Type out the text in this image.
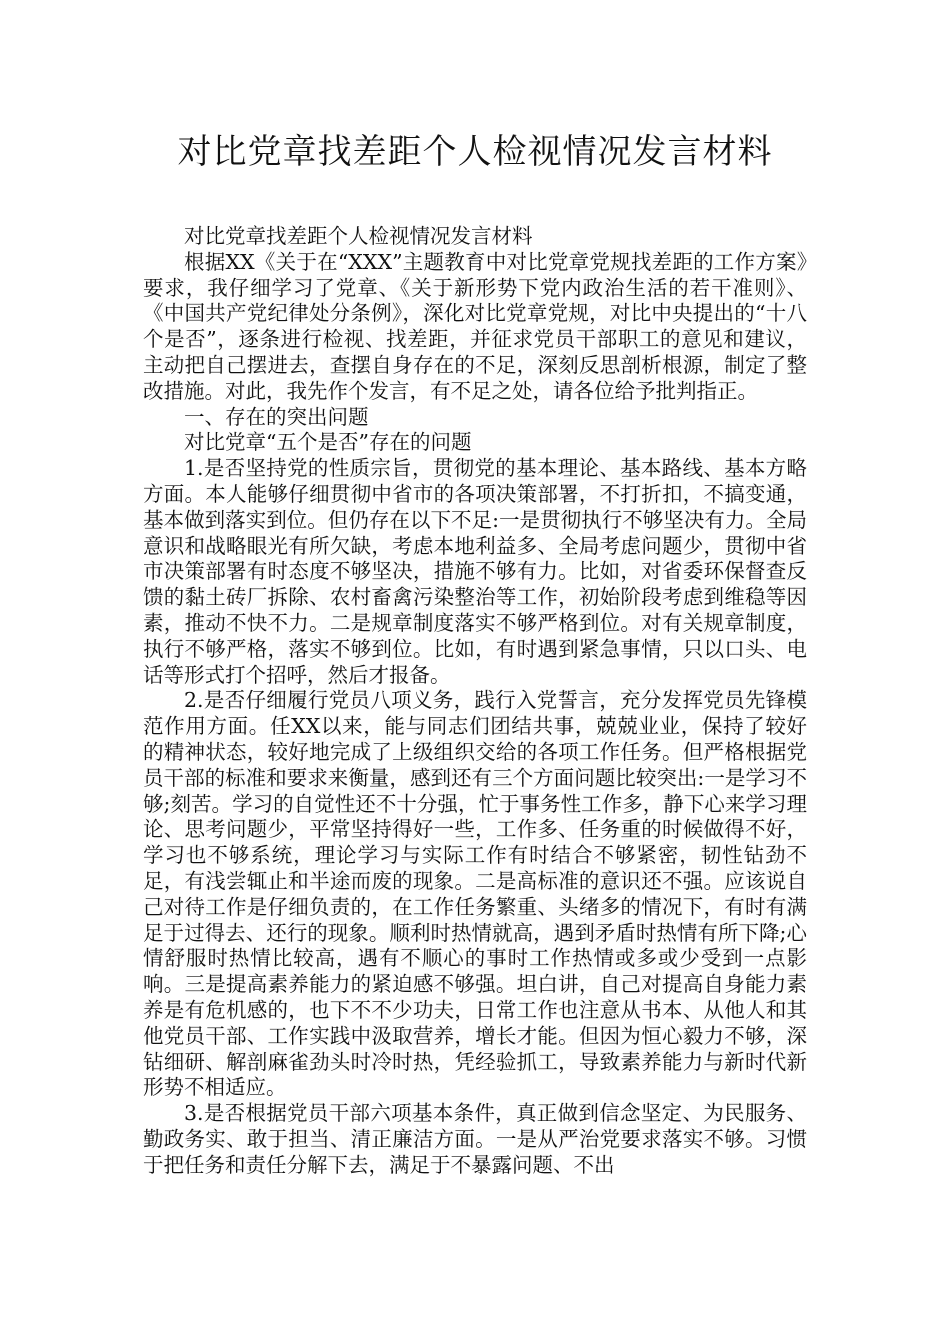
对比党章找差距个人检视情况发言材料

对比党章找差距个人检视情况发言材料

根据XX《关于在“XXX”主题教育中对比党章党规找差距的工作方案》要求，我仔细学习了党章、《关于新形势下党内政治生活的若干准则》、《中国共产党纪律处分条例》，深化对比党章党规，对比中央提出的“十八个是否”，逐条进行检视、找差距，并征求党员干部职工的意见和建议，主动把自己摆进去，查摆自身存在的不足，深刻反思剖析根源，制定了整改措施。对此，我先作个发言，有不足之处，请各位给予批判指正。

一、存在的突出问题

对比党章“五个是否”存在的问题

1.是否坚持党的性质宗旨，贯彻党的基本理论、基本路线、基本方略方面。本人能够仔细贯彻中省市的各项决策部署，不打折扣，不搞变通，基本做到落实到位。但仍存在以下不足:一是贯彻执行不够坚决有力。全局意识和战略眼光有所欠缺，考虑本地利益多、全局考虑问题少，贯彻中省市决策部署有时态度不够坚决，措施不够有力。比如，对省委环保督查反馈的黏土砖厂拆除、农村畜禽污染整治等工作，初始阶段考虑到维稳等因素，推动不快不力。二是规章制度落实不够严格到位。对有关规章制度，执行不够严格，落实不够到位。比如，有时遇到紧急事情，只以口头、电话等形式打个招呼，然后才报备。

2.是否仔细履行党员八项义务，践行入党誓言，充分发挥党员先锋模范作用方面。任XX以来，能与同志们团结共事，兢兢业业，保持了较好的精神状态，较好地完成了上级组织交给的各项工作任务。但严格根据党员干部的标准和要求来衡量，感到还有三个方面问题比较突出:一是学习不够;刻苦。学习的自觉性还不十分强，忙于事务性工作多，静下心来学习理论、思考问题少，平常坚持得好一些，工作多、任务重的时候做得不好，学习也不够系统，理论学习与实际工作有时结合不够紧密，韧性钻劲不足，有浅尝辄止和半途而废的现象。二是高标准的意识还不强。应该说自己对待工作是仔细负责的，在工作任务繁重、头绪多的情况下，有时有满足于过得去、还行的现象。顺利时热情就高，遇到矛盾时热情有所下降;心情舒服时热情比较高，遇有不顺心的事时工作热情或多或少受到一点影响。三是提高素养能力的紧迫感不够强。坦白讲，自己对提高自身能力素养是有危机感的，也下不不少功夫，日常工作也注意从书本、从他人和其他党员干部、工作实践中汲取营养，增长才能。但因为恒心毅力不够，深钻细研、解剖麻雀劲头时冷时热，凭经验抓工，导致素养能力与新时代新形势不相适应。

3.是否根据党员干部六项基本条件，真正做到信念坚定、为民服务、勤政务实、敢于担当、清正廉洁方面。一是从严治党要求落实不够。习惯于把任务和责任分解下去，满足于不暴露问题、不出
